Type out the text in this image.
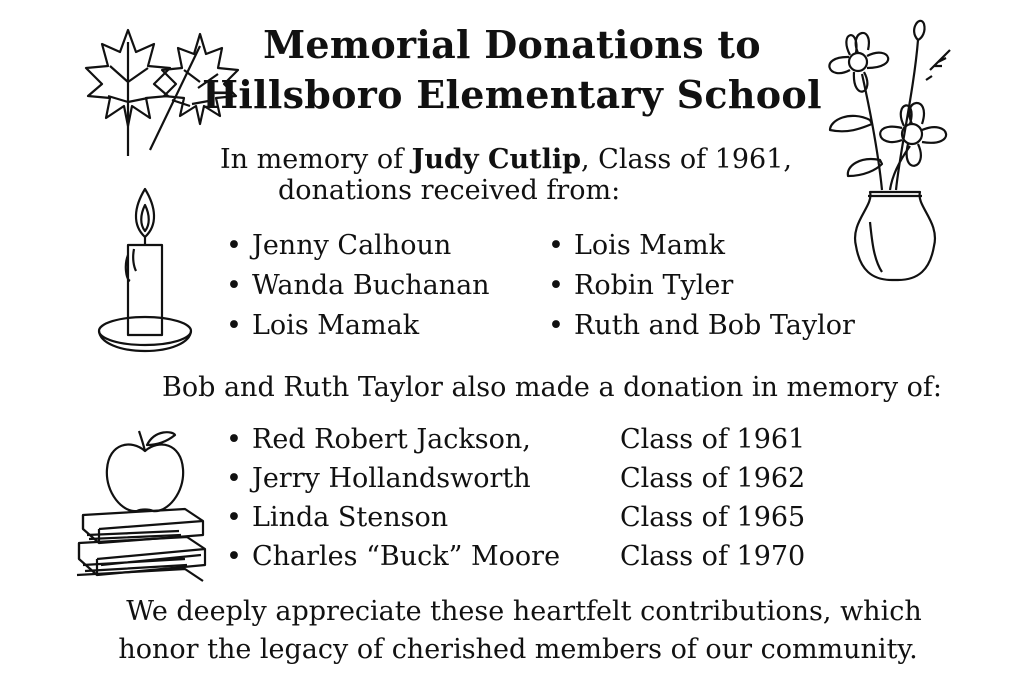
Memorial Donations to
Hillsboro Elementary School
In memory of Judy Cutlip, Class of 1961,
donations received from:
• Jenny Calhoun
• Wanda Buchanan
• Lois Mamak
• Lois Mamk
• Robin Tyler
• Ruth and Bob Taylor
Bob and Ruth Taylor also made a donation in memory of:
• Red Robert Jackson,
• Jerry Hollandsworth
• Linda Stenson
• Charles “Buck” Moore
Class of 1961
Class of 1962
Class of 1965
Class of 1970
We deeply appreciate these heartfelt contributions, which
honor the legacy of cherished members of our community.
